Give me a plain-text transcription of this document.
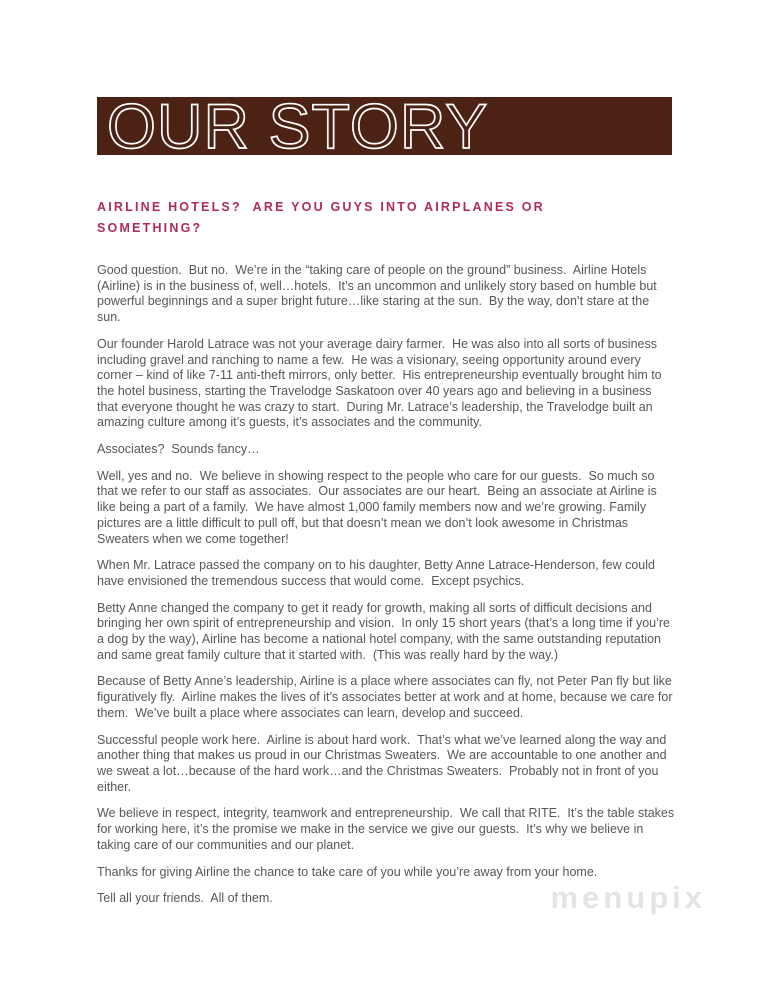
OUR STORY
AIRLINE HOTELS?  ARE YOU GUYS INTO AIRPLANES OR
SOMETHING?

Good question.  But no.  We’re in the “taking care of people on the ground” business.  Airline Hotels (Airline) is in the business of, well…hotels.  It’s an uncommon and unlikely story based on humble but powerful beginnings and a super bright future…like staring at the sun.  By the way, don’t stare at the sun.

Our founder Harold Latrace was not your average dairy farmer.  He was also into all sorts of business including gravel and ranching to name a few.  He was a visionary, seeing opportunity around every corner – kind of like 7-11 anti-theft mirrors, only better.  His entrepreneurship eventually brought him to the hotel business, starting the Travelodge Saskatoon over 40 years ago and believing in a business that everyone thought he was crazy to start.  During Mr. Latrace’s leadership, the Travelodge built an amazing culture among it’s guests, it’s associates and the community.

Associates?  Sounds fancy…

Well, yes and no.  We believe in showing respect to the people who care for our guests.  So much so that we refer to our staff as associates.  Our associates are our heart.  Being an associate at Airline is like being a part of a family.  We have almost 1,000 family members now and we’re growing. Family pictures are a little difficult to pull off, but that doesn’t mean we don’t look awesome in Christmas Sweaters when we come together!

When Mr. Latrace passed the company on to his daughter, Betty Anne Latrace-Henderson, few could have envisioned the tremendous success that would come.  Except psychics.

Betty Anne changed the company to get it ready for growth, making all sorts of difficult decisions and bringing her own spirit of entrepreneurship and vision.  In only 15 short years (that’s a long time if you’re a dog by the way), Airline has become a national hotel company, with the same outstanding reputation and same great family culture that it started with.  (This was really hard by the way.)

Because of Betty Anne’s leadership, Airline is a place where associates can fly, not Peter Pan fly but like figuratively fly.  Airline makes the lives of it’s associates better at work and at home, because we care for them.  We’ve built a place where associates can learn, develop and succeed.

Successful people work here.  Airline is about hard work.  That’s what we’ve learned along the way and another thing that makes us proud in our Christmas Sweaters.  We are accountable to one another and we sweat a lot…because of the hard work…and the Christmas Sweaters.  Probably not in front of you either.

We believe in respect, integrity, teamwork and entrepreneurship.  We call that RITE.  It’s the table stakes for working here, it’s the promise we make in the service we give our guests.  It’s why we believe in taking care of our communities and our planet.

Thanks for giving Airline the chance to take care of you while you’re away from your home.

Tell all your friends.  All of them.	menupix
